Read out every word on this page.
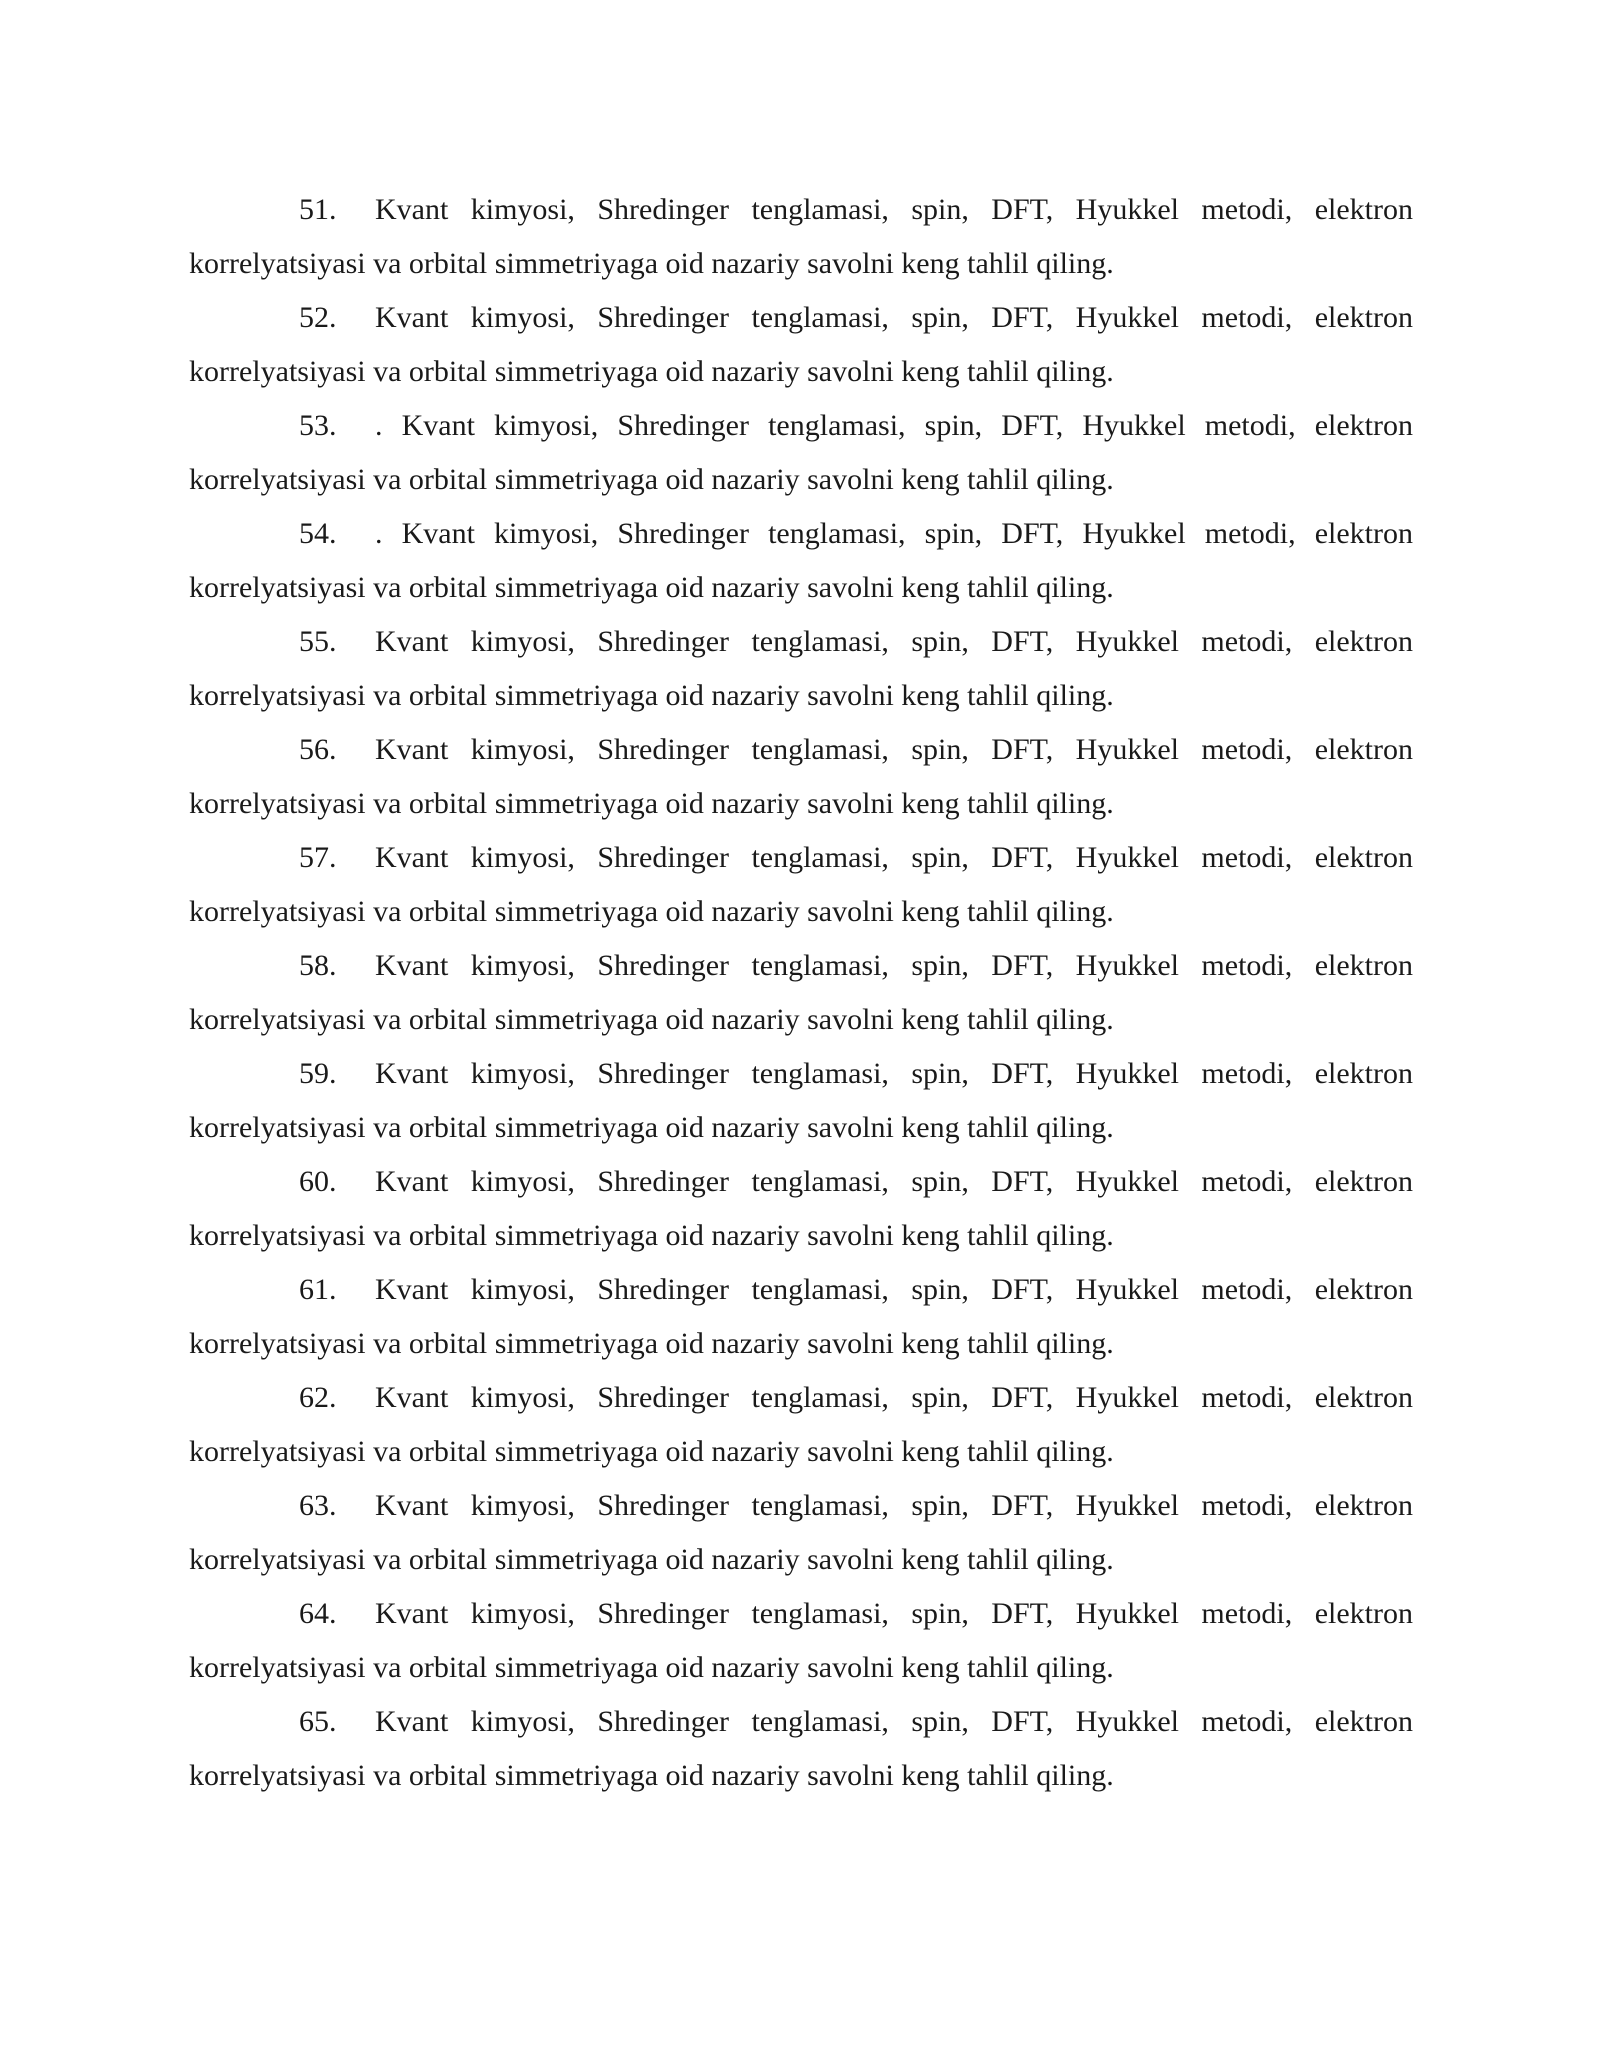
51. Kvant kimyosi, Shredinger tenglamasi, spin, DFT, Hyukkel metodi, elektron korrelyatsiyasi va orbital simmetriyaga oid nazariy savolni keng tahlil qiling.
52. Kvant kimyosi, Shredinger tenglamasi, spin, DFT, Hyukkel metodi, elektron korrelyatsiyasi va orbital simmetriyaga oid nazariy savolni keng tahlil qiling.
53. . Kvant kimyosi, Shredinger tenglamasi, spin, DFT, Hyukkel metodi, elektron korrelyatsiyasi va orbital simmetriyaga oid nazariy savolni keng tahlil qiling.
54. . Kvant kimyosi, Shredinger tenglamasi, spin, DFT, Hyukkel metodi, elektron korrelyatsiyasi va orbital simmetriyaga oid nazariy savolni keng tahlil qiling.
55. Kvant kimyosi, Shredinger tenglamasi, spin, DFT, Hyukkel metodi, elektron korrelyatsiyasi va orbital simmetriyaga oid nazariy savolni keng tahlil qiling.
56. Kvant kimyosi, Shredinger tenglamasi, spin, DFT, Hyukkel metodi, elektron korrelyatsiyasi va orbital simmetriyaga oid nazariy savolni keng tahlil qiling.
57. Kvant kimyosi, Shredinger tenglamasi, spin, DFT, Hyukkel metodi, elektron korrelyatsiyasi va orbital simmetriyaga oid nazariy savolni keng tahlil qiling.
58. Kvant kimyosi, Shredinger tenglamasi, spin, DFT, Hyukkel metodi, elektron korrelyatsiyasi va orbital simmetriyaga oid nazariy savolni keng tahlil qiling.
59. Kvant kimyosi, Shredinger tenglamasi, spin, DFT, Hyukkel metodi, elektron korrelyatsiyasi va orbital simmetriyaga oid nazariy savolni keng tahlil qiling.
60. Kvant kimyosi, Shredinger tenglamasi, spin, DFT, Hyukkel metodi, elektron korrelyatsiyasi va orbital simmetriyaga oid nazariy savolni keng tahlil qiling.
61. Kvant kimyosi, Shredinger tenglamasi, spin, DFT, Hyukkel metodi, elektron korrelyatsiyasi va orbital simmetriyaga oid nazariy savolni keng tahlil qiling.
62. Kvant kimyosi, Shredinger tenglamasi, spin, DFT, Hyukkel metodi, elektron korrelyatsiyasi va orbital simmetriyaga oid nazariy savolni keng tahlil qiling.
63. Kvant kimyosi, Shredinger tenglamasi, spin, DFT, Hyukkel metodi, elektron korrelyatsiyasi va orbital simmetriyaga oid nazariy savolni keng tahlil qiling.
64. Kvant kimyosi, Shredinger tenglamasi, spin, DFT, Hyukkel metodi, elektron korrelyatsiyasi va orbital simmetriyaga oid nazariy savolni keng tahlil qiling.
65. Kvant kimyosi, Shredinger tenglamasi, spin, DFT, Hyukkel metodi, elektron korrelyatsiyasi va orbital simmetriyaga oid nazariy savolni keng tahlil qiling.
